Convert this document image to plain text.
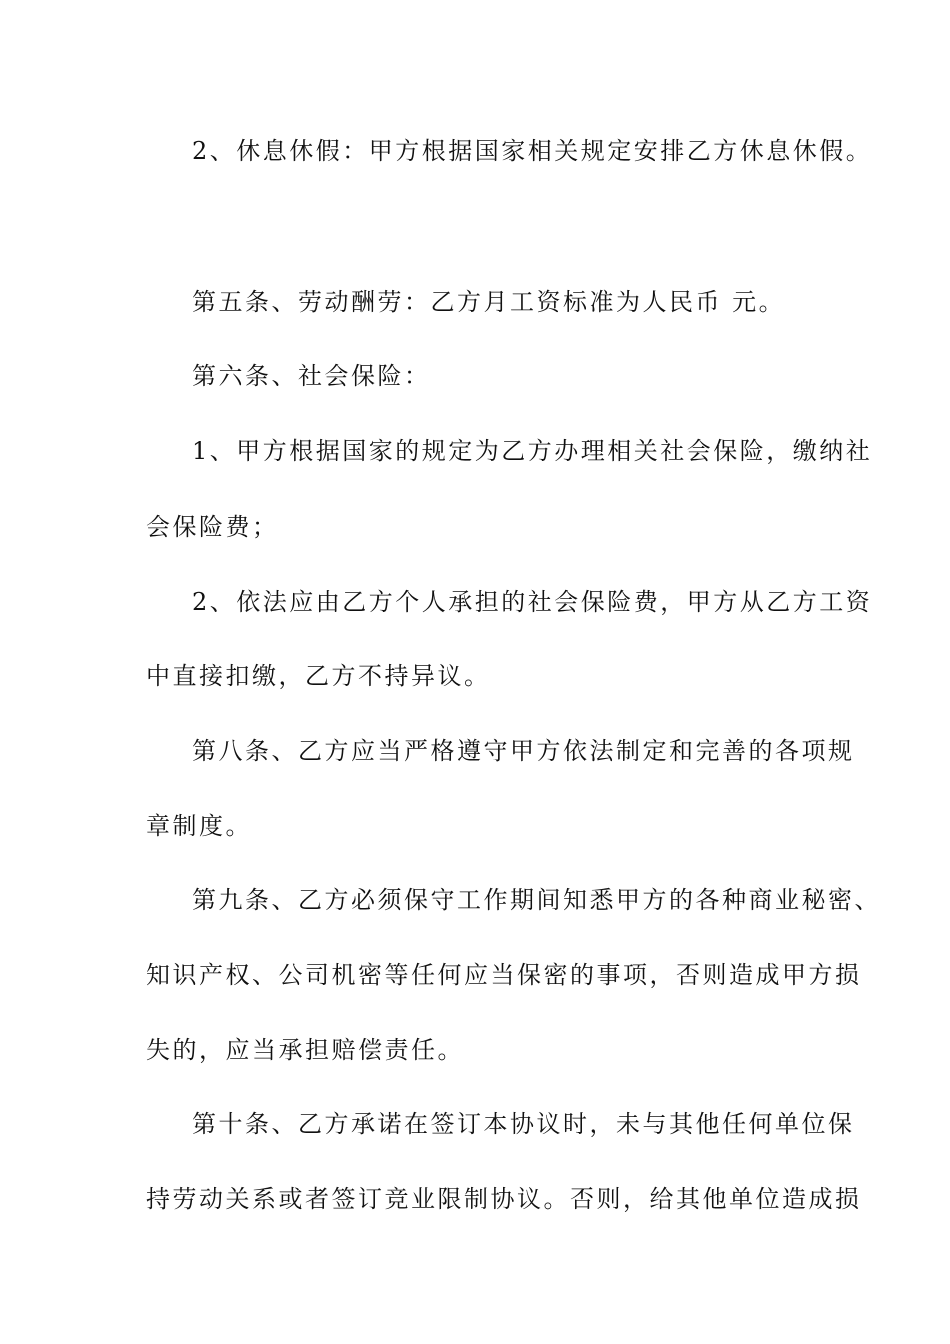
2、休息休假：甲方根据国家相关规定安排乙方休息休假。
第五条、劳动酬劳：乙方月工资标准为人民币 元。
第六条、社会保险：
1、甲方根据国家的规定为乙方办理相关社会保险，缴纳社
会保险费；
2、依法应由乙方个人承担的社会保险费，甲方从乙方工资
中直接扣缴，乙方不持异议。
第八条、乙方应当严格遵守甲方依法制定和完善的各项规
章制度。
第九条、乙方必须保守工作期间知悉甲方的各种商业秘密、
知识产权、公司机密等任何应当保密的事项，否则造成甲方损
失的，应当承担赔偿责任。
第十条、乙方承诺在签订本协议时，未与其他任何单位保
持劳动关系或者签订竞业限制协议。否则，给其他单位造成损
